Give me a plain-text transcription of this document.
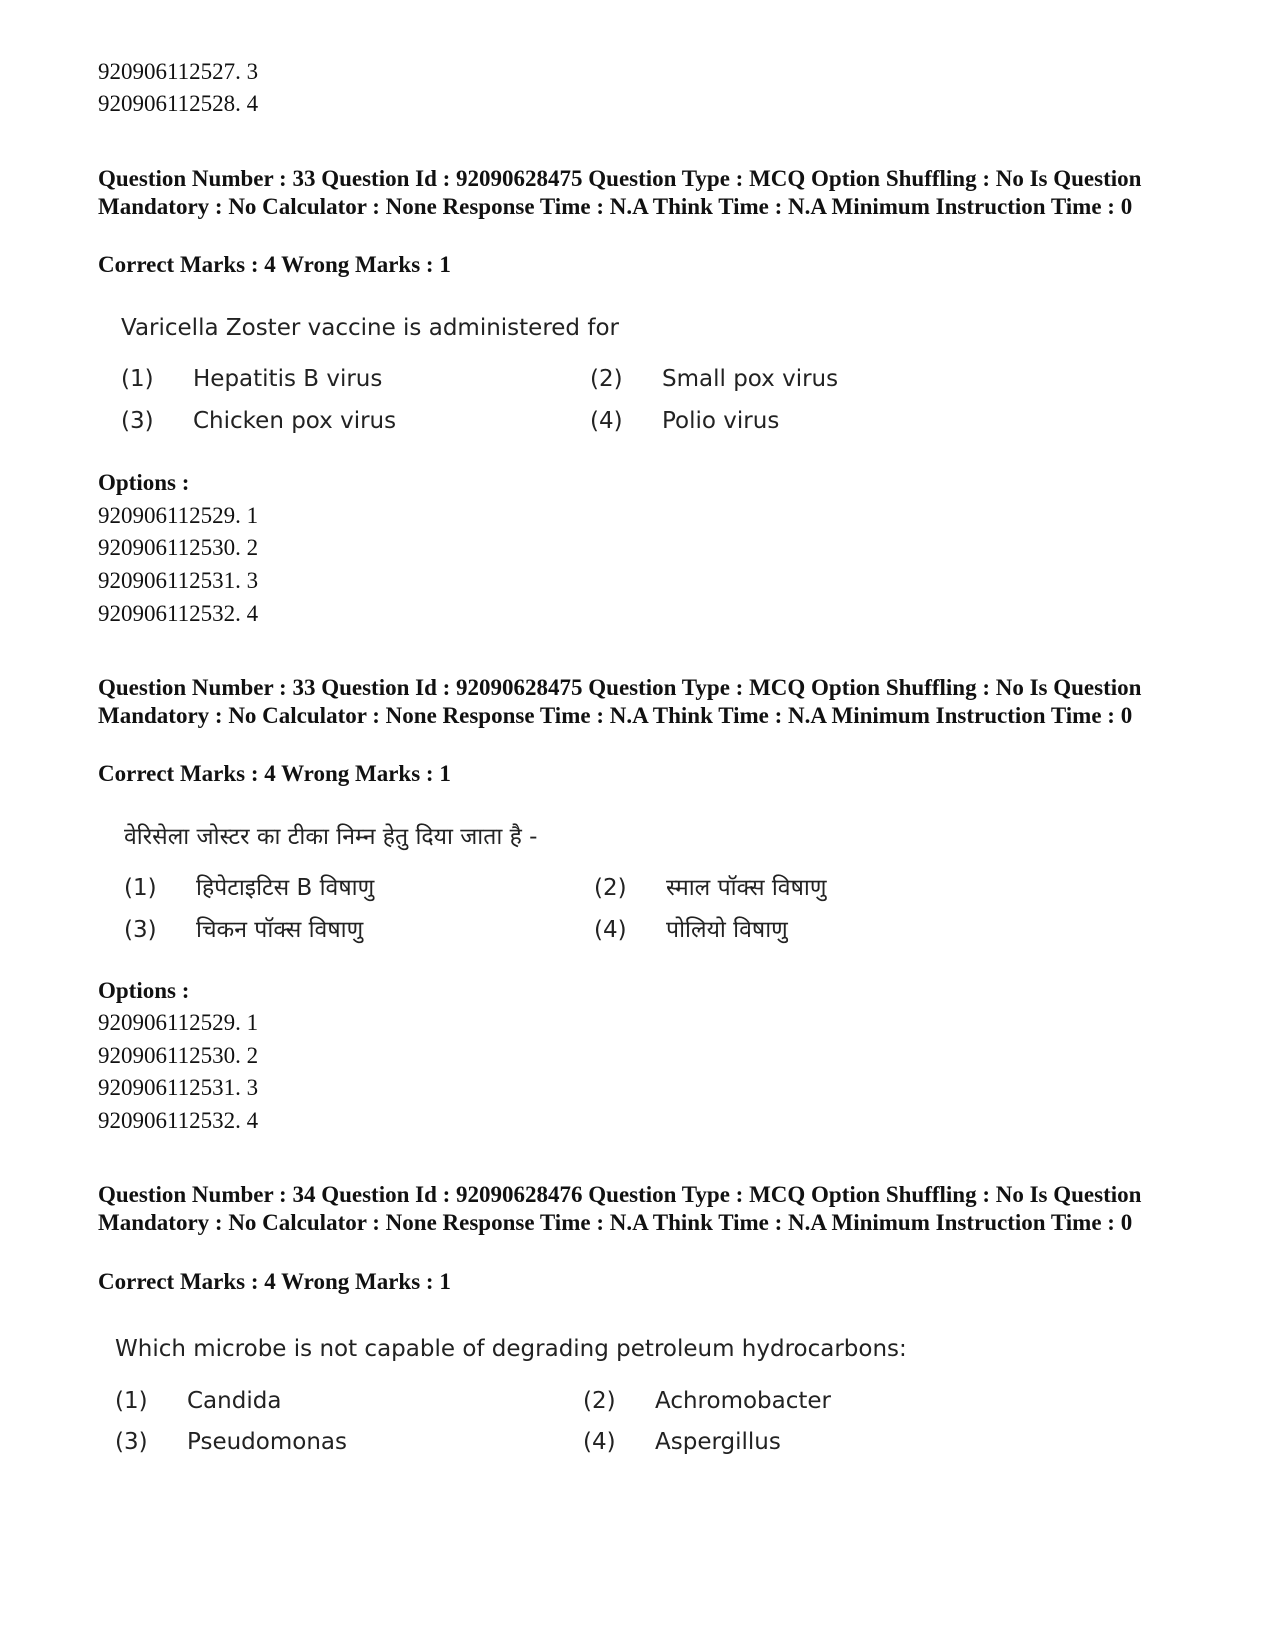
920906112527. 3
920906112528. 4
Question Number : 33 Question Id : 92090628475 Question Type : MCQ Option Shuffling : No Is Question Mandatory : No Calculator : None Response Time : N.A Think Time : N.A Minimum Instruction Time : 0
Correct Marks : 4 Wrong Marks : 1
Varicella Zoster vaccine is administered for
(1) Hepatitis B virus	(2) Small pox virus
(3) Chicken pox virus	(4) Polio virus
Options :
920906112529. 1
920906112530. 2
920906112531. 3
920906112532. 4
Question Number : 33 Question Id : 92090628475 Question Type : MCQ Option Shuffling : No Is Question Mandatory : No Calculator : None Response Time : N.A Think Time : N.A Minimum Instruction Time : 0
Correct Marks : 4 Wrong Marks : 1
वेरिसेला जोस्टर का टीका निम्न हेतु दिया जाता है -
(1) हिपेटाइटिस B विषाणु	(2) स्माल पॉक्स विषाणु
(3) चिकन पॉक्स विषाणु	(4) पोलियो विषाणु
Options :
920906112529. 1
920906112530. 2
920906112531. 3
920906112532. 4
Question Number : 34 Question Id : 92090628476 Question Type : MCQ Option Shuffling : No Is Question Mandatory : No Calculator : None Response Time : N.A Think Time : N.A Minimum Instruction Time : 0
Correct Marks : 4 Wrong Marks : 1
Which microbe is not capable of degrading petroleum hydrocarbons:
(1) Candida	(2) Achromobacter
(3) Pseudomonas	(4) Aspergillus
